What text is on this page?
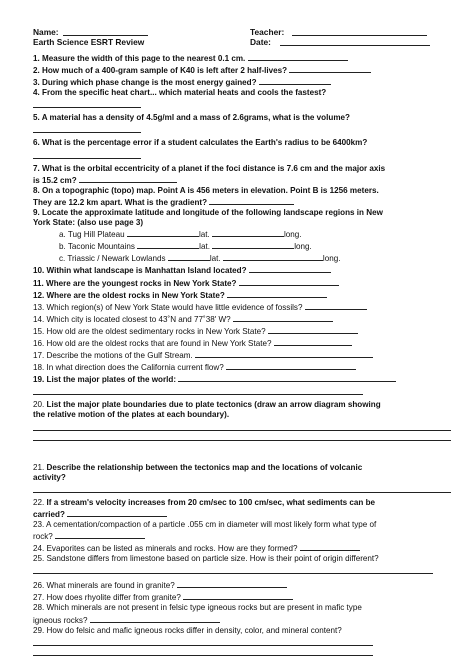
Name:	Teacher:
Earth Science ESRT Review	Date:
1. Measure the width of this page to the nearest 0.1 cm.
2. How much of a 400-gram sample of K40 is left after 2 half-lives?
3. During which phase change is the most energy gained?
4. From the specific heat chart... which material heats and cools the fastest?
5. A material has a density of 4.5g/ml and a mass of 2.6grams, what is the volume?
6. What is the percentage error if a student calculates the Earth's radius to be 6400km?
7. What is the orbital eccentricity of a planet if the foci distance is 7.6 cm and the major axis
is 15.2 cm?
8. On a topographic (topo) map. Point A is 456 meters in elevation. Point B is 1256 meters.
They are 12.2 km apart. What is the gradient?
9. Locate the approximate latitude and longitude of the following landscape regions in New
York State: (also use page 3)
a. Tug Hill Plateau	lat.	long.
b. Taconic Mountains	lat.	long.
c. Triassic / Newark Lowlands	lat.	long.
10. Within what landscape is Manhattan Island located?
11. Where are the youngest rocks in New York State?
12. Where are the oldest rocks in New York State?
13. Which region(s) of New York State would have little evidence of fossils?
14. Which city is located closest to 43˚N and 77˚38' W?
15. How old are the oldest sedimentary rocks in New York State?
16. How old are the oldest rocks that are found in New York State?
17. Describe the motions of the Gulf Stream.
18. In what direction does the California current flow?
19. List the major plates of the world:
20. List the major plate boundaries due to plate tectonics (draw an arrow diagram showing
the relative motion of the plates at each boundary).
21. Describe the relationship between the tectonics map and the locations of volcanic
activity?
22. If a stream's velocity increases from 20 cm/sec to 100 cm/sec, what sediments can be
carried?
23. A cementation/compaction of a particle .055 cm in diameter will most likely form what type of
rock?
24. Evaporites can be listed as minerals and rocks. How are they formed?
25. Sandstone differs from limestone based on particle size. How is their point of origin different?
26. What minerals are found in granite?
27. How does rhyolite differ from granite?
28. Which minerals are not present in felsic type igneous rocks but are present in mafic type
igneous rocks?
29. How do felsic and mafic igneous rocks differ in density, color, and mineral content?
